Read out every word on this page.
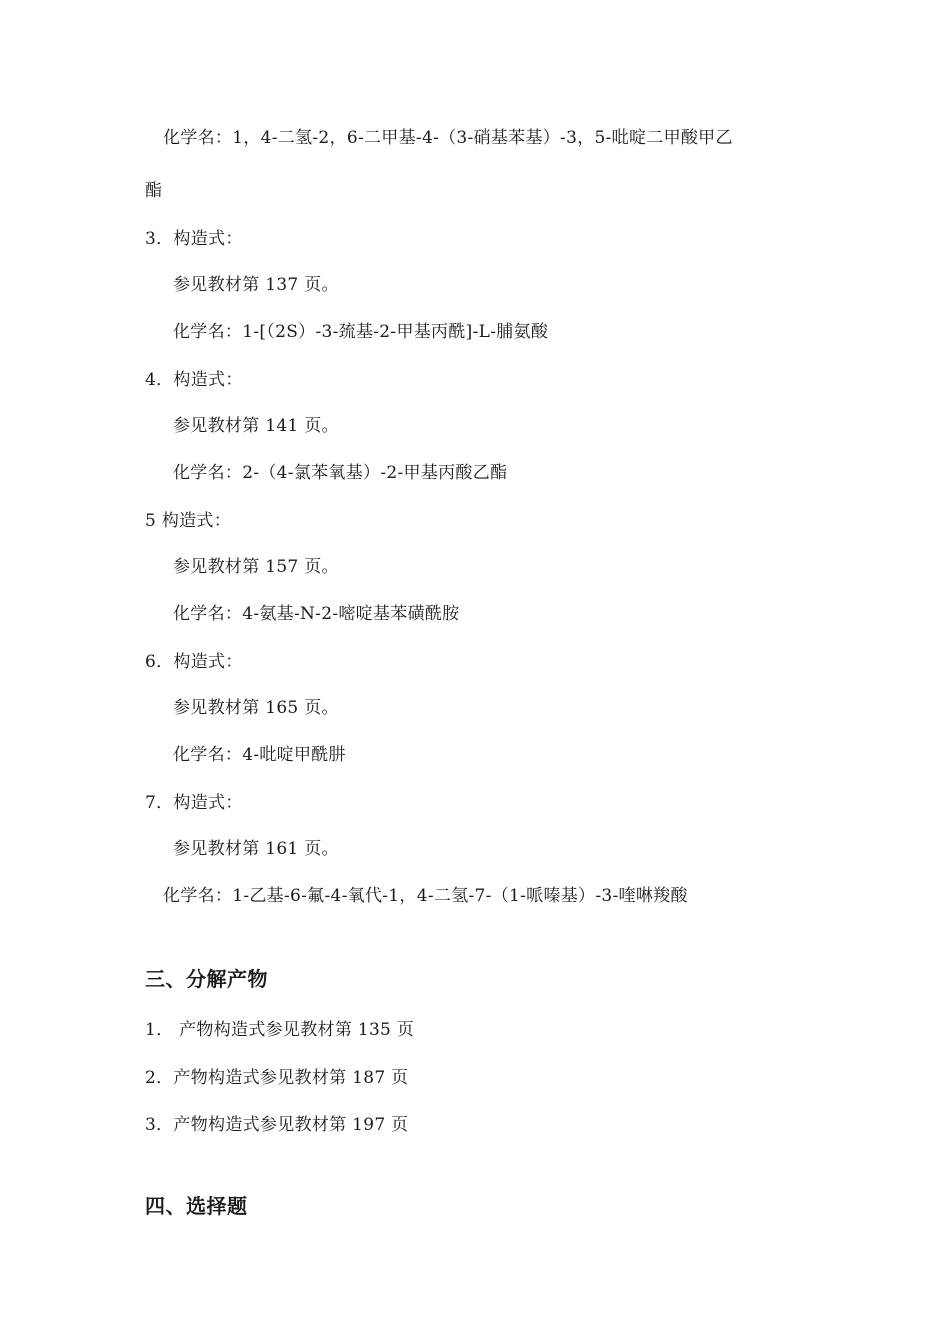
化学名：1，4-二氢-2，6-二甲基-4-（3-硝基苯基）-3，5-吡啶二甲酸甲乙
酯
3．构造式：
参见教材第 137 页。
化学名：1-[（2S）-3-巯基-2-甲基丙酰]-L-脯氨酸
4．构造式：
参见教材第 141 页。
化学名：2-（4-氯苯氧基）-2-甲基丙酸乙酯
5 构造式：
参见教材第 157 页。
化学名：4-氨基-N-2-嘧啶基苯磺酰胺
6．构造式：
参见教材第 165 页。
化学名：4-吡啶甲酰肼
7．构造式：
参见教材第 161 页。
化学名：1-乙基-6-氟-4-氧代-1，4-二氢-7-（1-哌嗪基）-3-喹啉羧酸
三、分解产物
1． 产物构造式参见教材第 135 页
2．产物构造式参见教材第 187 页
3．产物构造式参见教材第 197 页
四、选择题
